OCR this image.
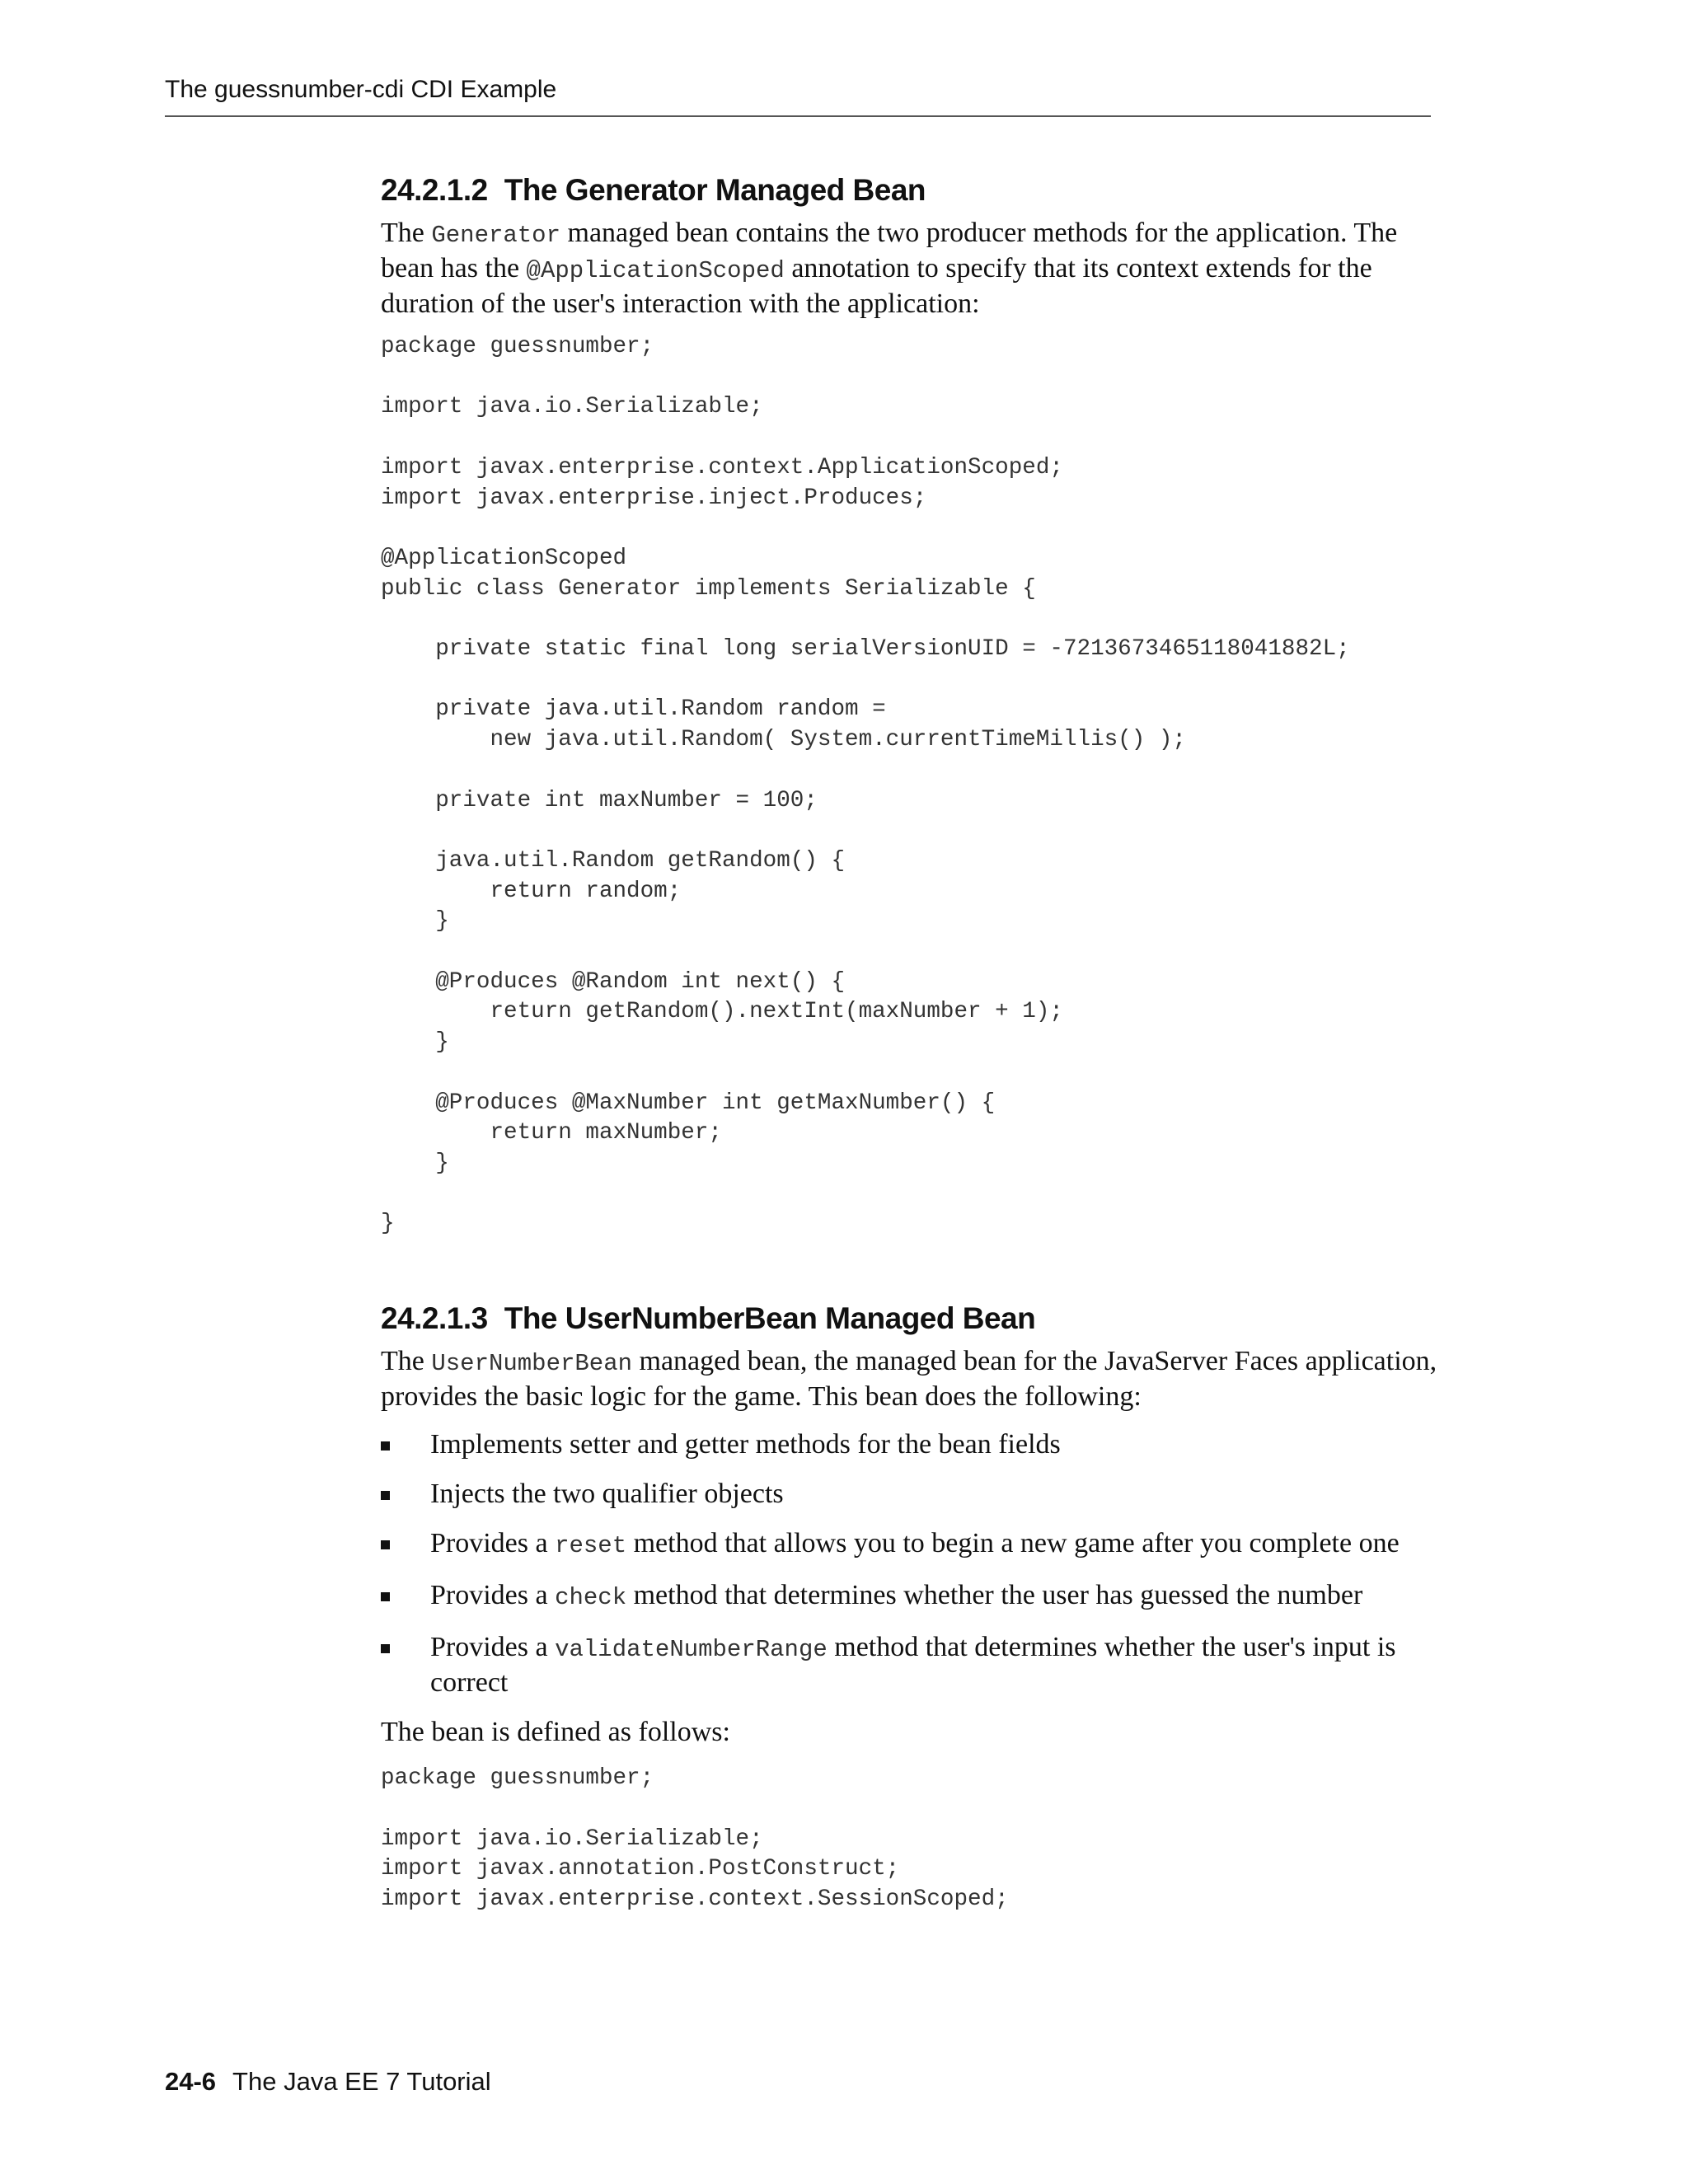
The guessnumber-cdi CDI Example
24.2.1.2 The Generator Managed Bean

The Generator managed bean contains the two producer methods for the application. The bean has the @ApplicationScoped annotation to specify that its context extends for the duration of the user's interaction with the application:

package guessnumber;

import java.io.Serializable;

import javax.enterprise.context.ApplicationScoped;
import javax.enterprise.inject.Produces;

@ApplicationScoped
public class Generator implements Serializable {

private static final long serialVersionUID = -7213673465118041882L;

private java.util.Random random =
new java.util.Random( System.currentTimeMillis() );

private int maxNumber = 100;

java.util.Random getRandom() {
return random;
}

@Produces @Random int next() {
return getRandom().nextInt(maxNumber + 1);
}

@Produces @MaxNumber int getMaxNumber() {
return maxNumber;
}

}
24.2.1.3 The UserNumberBean Managed Bean

The UserNumberBean managed bean, the managed bean for the JavaServer Faces application, provides the basic logic for the game. This bean does the following:

Implements setter and getter methods for the bean fields

Injects the two qualifier objects

Provides a reset method that allows you to begin a new game after you complete one

Provides a check method that determines whether the user has guessed the number

Provides a validateNumberRange method that determines whether the user's input is correct

The bean is defined as follows:

package guessnumber;

import java.io.Serializable;
import javax.annotation.PostConstruct;
import javax.enterprise.context.SessionScoped;
24-6 The Java EE 7 Tutorial
